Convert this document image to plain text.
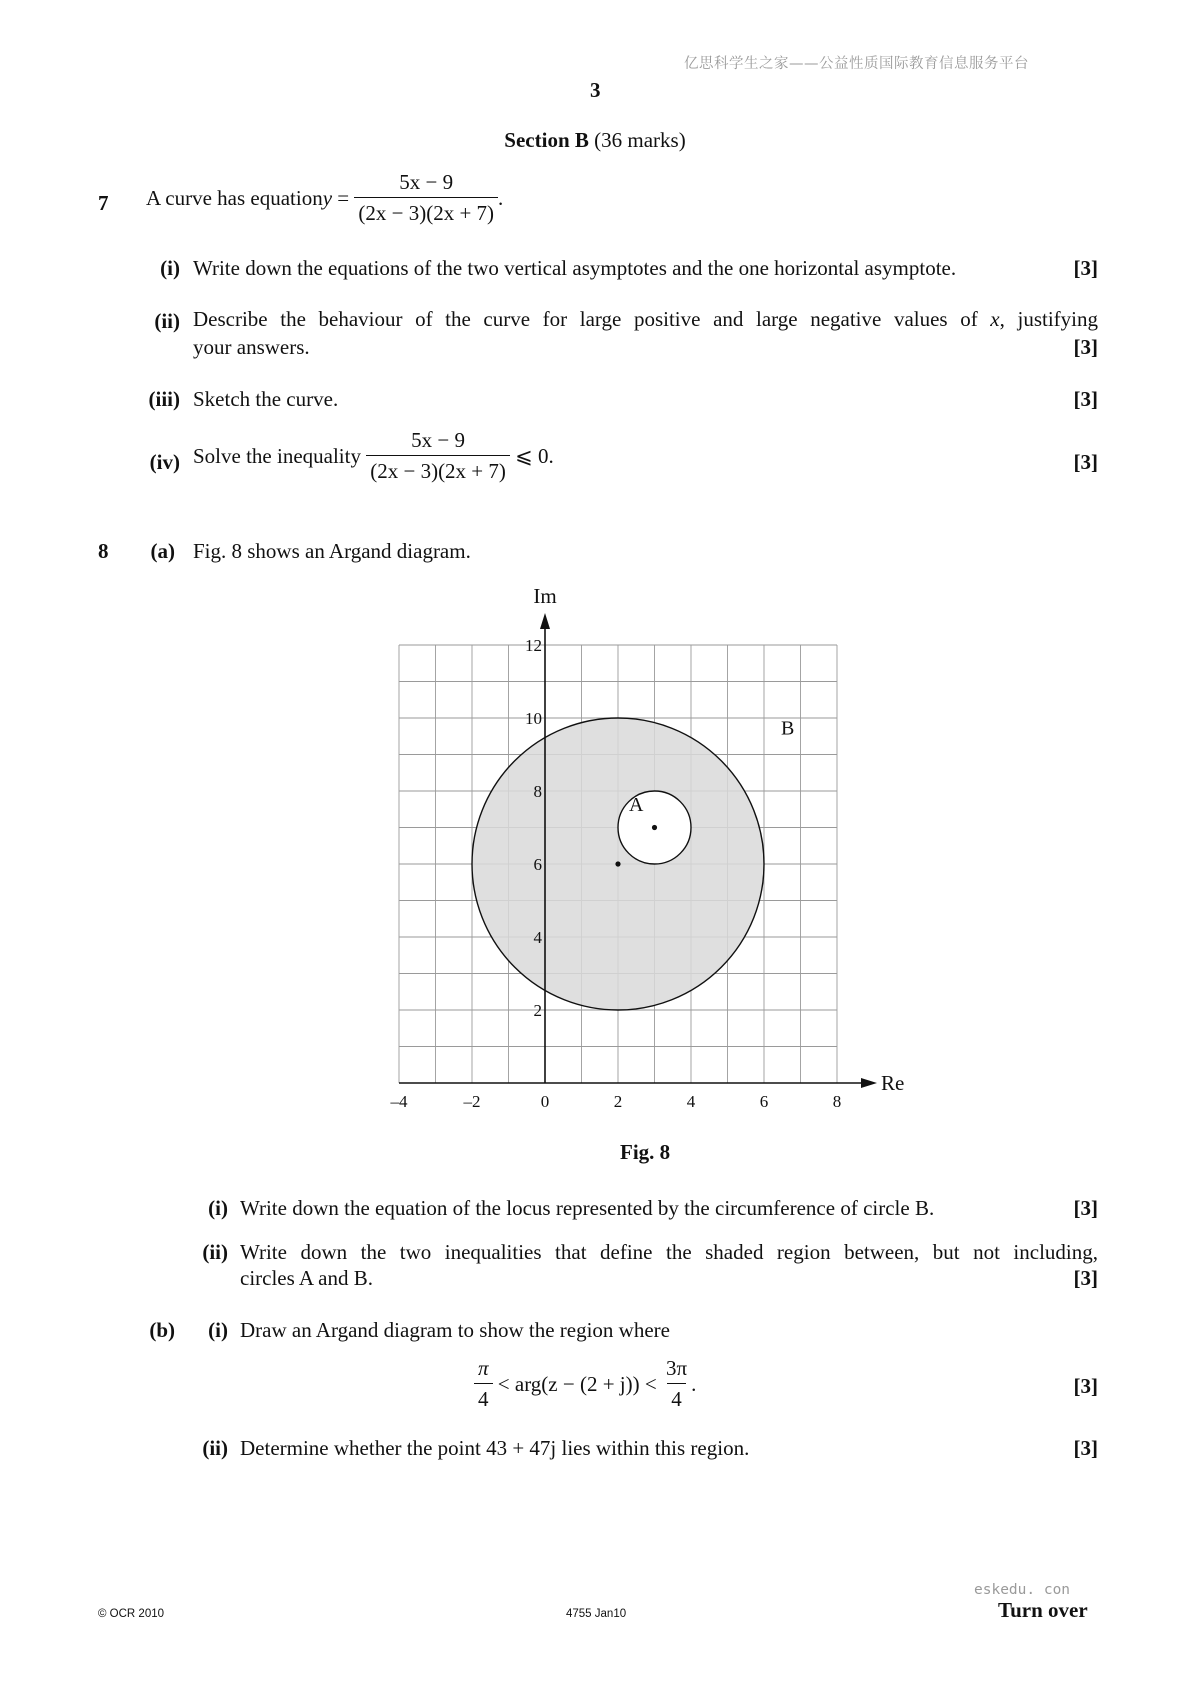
亿思科学生之家——公益性质国际教育信息服务平台
eskedu. con
3
Section B (36 marks)
7 A curve has equation $y = \frac{5x - 9}{(2x - 3)(2x + 7)}$ .
(i) Write down the equations of the two vertical asymptotes and the one horizontal asymptote.	[3]
(ii) Describe the behaviour of the curve for large positive and large negative values of x, justifying
your answers.	[3]
(iii) Sketch the curve.	[3]
(iv) Solve the inequality $\frac{5x - 9}{(2x - 3)(2x + 7)}$ ⩽ 0.	[3]
8	(a) Fig. 8 shows an Argand diagram.
–4	–2	0	2	4	6	8
2
4
6
8
10
12
Im
Re
B
A
Fig. 8
(i) Write down the equation of the locus represented by the circumference of circle B.	[3]
(ii) Write down the two inequalities that define the shaded region between, but not including,
circles A and B.	[3]
(b)	(i) Draw an Argand diagram to show the region where
$\frac{\pi}{4} < arg(z - (2 + j)) < \frac{3\pi}{4}$ .	[3]
(ii) Determine whether the point 43 + 47j lies within this region.	[3]
© OCR 2010	4755 Jan10	Turn over
